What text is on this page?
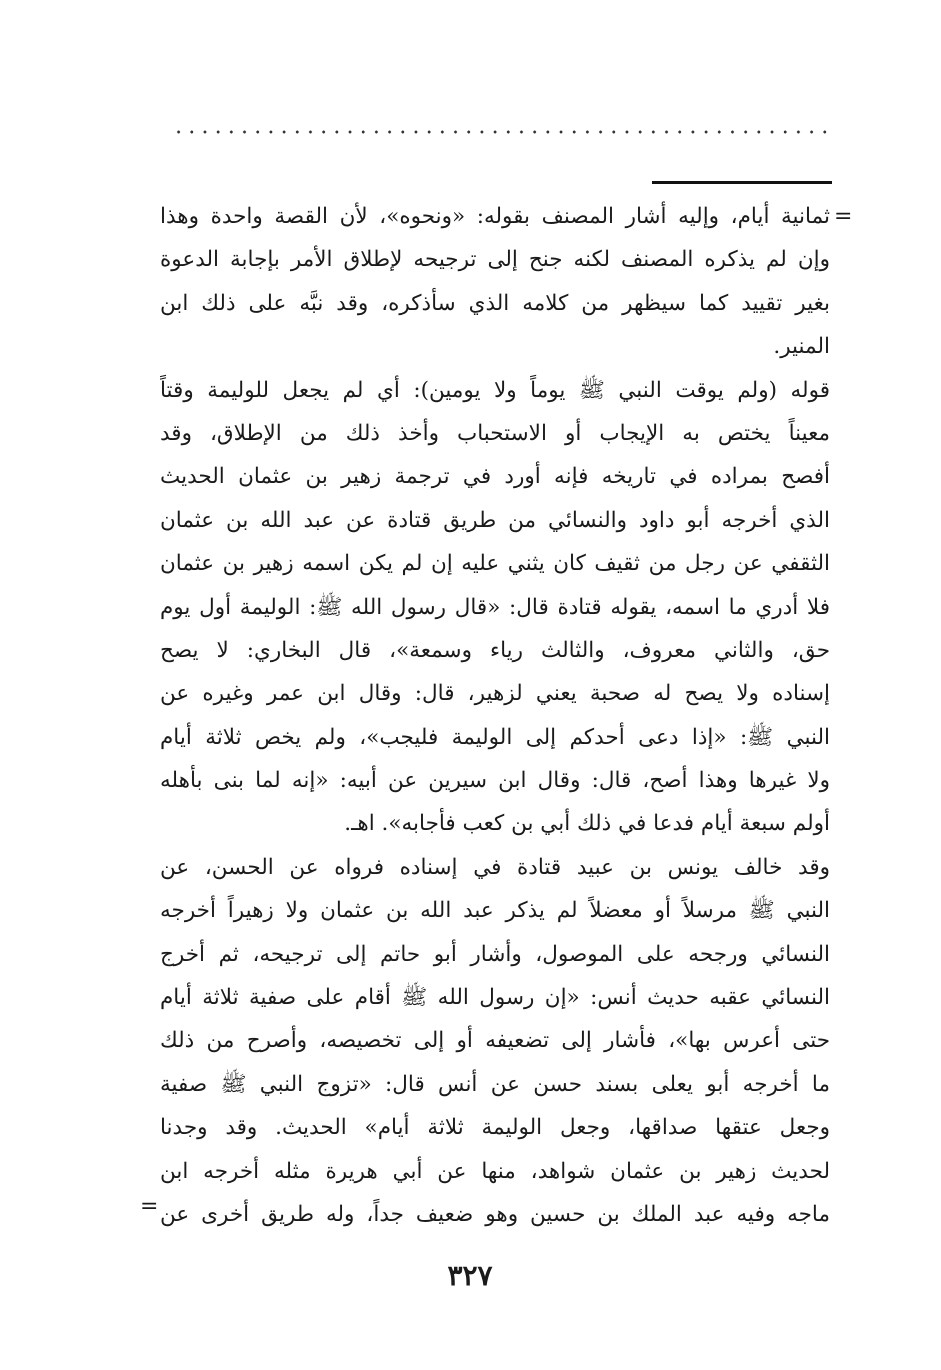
=
ثمانية أيام، وإليه أشار المصنف بقوله: «ونحوه»، لأن القصة واحدة وهذا
وإن لم يذكره المصنف لكنه جنح إلى ترجيحه لإطلاق الأمر بإجابة الدعوة
بغير تقييد كما سيظهر من كلامه الذي سأذكره، وقد نبَّه على ذلك ابن
المنير.
قوله (ولم يوقت النبي ﷺ يوماً ولا يومين): أي لم يجعل للوليمة وقتاً
معيناً يختص به الإيجاب أو الاستحباب وأخذ ذلك من الإطلاق، وقد
أفصح بمراده في تاريخه فإنه أورد في ترجمة زهير بن عثمان الحديث
الذي أخرجه أبو داود والنسائي من طريق قتادة عن عبد الله بن عثمان
الثقفي عن رجل من ثقيف كان يثني عليه إن لم يكن اسمه زهير بن عثمان
فلا أدري ما اسمه، يقوله قتادة قال: «قال رسول الله ﷺ: الوليمة أول يوم
حق، والثاني معروف، والثالث رياء وسمعة»، قال البخاري: لا يصح
إسناده ولا يصح له صحبة يعني لزهير، قال: وقال ابن عمر وغيره عن
النبي ﷺ: «إذا دعى أحدكم إلى الوليمة فليجب»، ولم يخص ثلاثة أيام
ولا غيرها وهذا أصح، قال: وقال ابن سيرين عن أبيه: «إنه لما بنى بأهله
أولم سبعة أيام فدعا في ذلك أبي بن كعب فأجابه». اهـ.
وقد خالف يونس بن عبيد قتادة في إسناده فرواه عن الحسن، عن
النبي ﷺ مرسلاً أو معضلاً لم يذكر عبد الله بن عثمان ولا زهيراً أخرجه
النسائي ورجحه على الموصول، وأشار أبو حاتم إلى ترجيحه، ثم أخرج
النسائي عقبه حديث أنس: «إن رسول الله ﷺ أقام على صفية ثلاثة أيام
حتى أعرس بها»، فأشار إلى تضعيفه أو إلى تخصيصه، وأصرح من ذلك
ما أخرجه أبو يعلى بسند حسن عن أنس قال: «تزوج النبي ﷺ صفية
وجعل عتقها صداقها، وجعل الوليمة ثلاثة أيام» الحديث. وقد وجدنا
لحديث زهير بن عثمان شواهد، منها عن أبي هريرة مثله أخرجه ابن
ماجه وفيه عبد الملك بن حسين وهو ضعيف جداً، وله طريق أخرى عن
=
٣٢٧
